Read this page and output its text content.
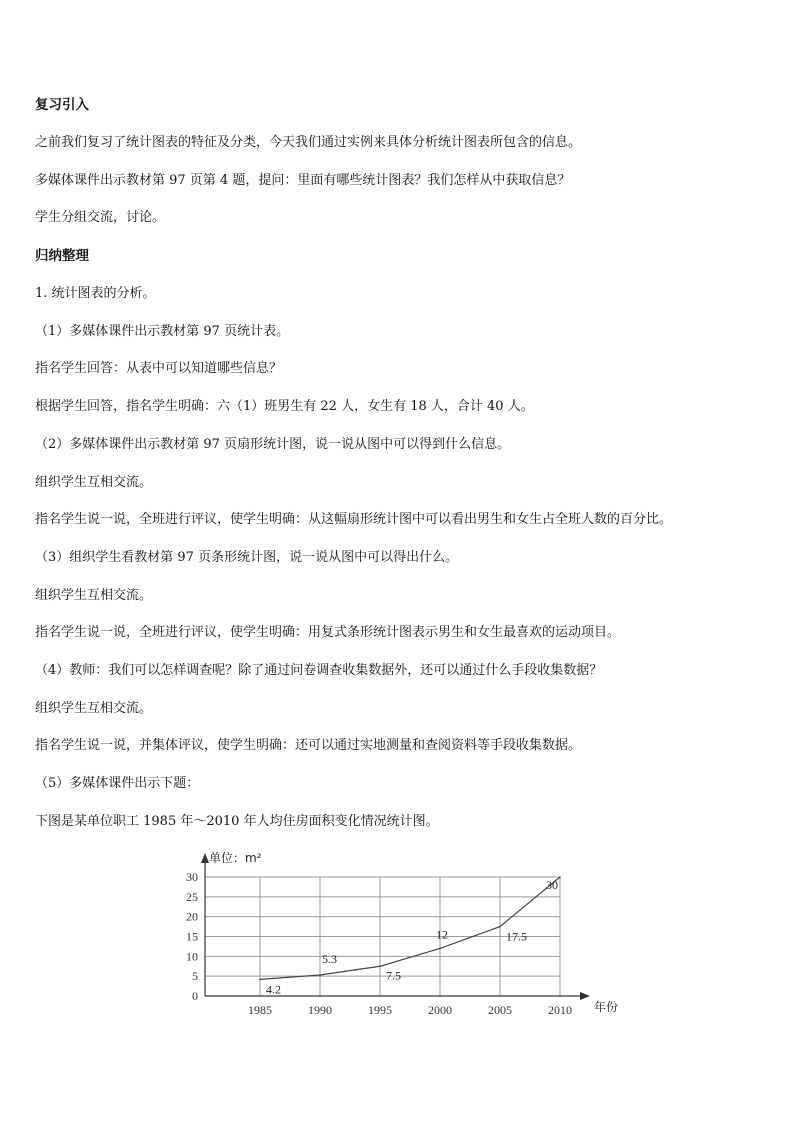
复习引入
之前我们复习了统计图表的特征及分类，今天我们通过实例来具体分析统计图表所包含的信息。
多媒体课件出示教材第 97 页第 4 题，提问：里面有哪些统计图表？我们怎样从中获取信息？
学生分组交流，讨论。
归纳整理
1. 统计图表的分析。
（1）多媒体课件出示教材第 97 页统计表。
指名学生回答：从表中可以知道哪些信息？
根据学生回答，指名学生明确：六（1）班男生有 22 人，女生有 18 人，合计 40 人。
（2）多媒体课件出示教材第 97 页扇形统计图，说一说从图中可以得到什么信息。
组织学生互相交流。
指名学生说一说，全班进行评议，使学生明确：从这幅扇形统计图中可以看出男生和女生占全班人数的百分比。
（3）组织学生看教材第 97 页条形统计图，说一说从图中可以得出什么。
组织学生互相交流。
指名学生说一说，全班进行评议，使学生明确：用复式条形统计图表示男生和女生最喜欢的运动项目。
（4）教师：我们可以怎样调查呢？除了通过问卷调查收集数据外，还可以通过什么手段收集数据？
组织学生互相交流。
指名学生说一说，并集体评议，使学生明确：还可以通过实地测量和查阅资料等手段收集数据。
（5）多媒体课件出示下题：
下图是某单位职工 1985 年～2010 年人均住房面积变化情况统计图。
0
5
10
15
20
25
30
1985	1990	1995	2000	2005	2010
单位：m²
年份
4.2
5.3
7.5
12	17.5
30
